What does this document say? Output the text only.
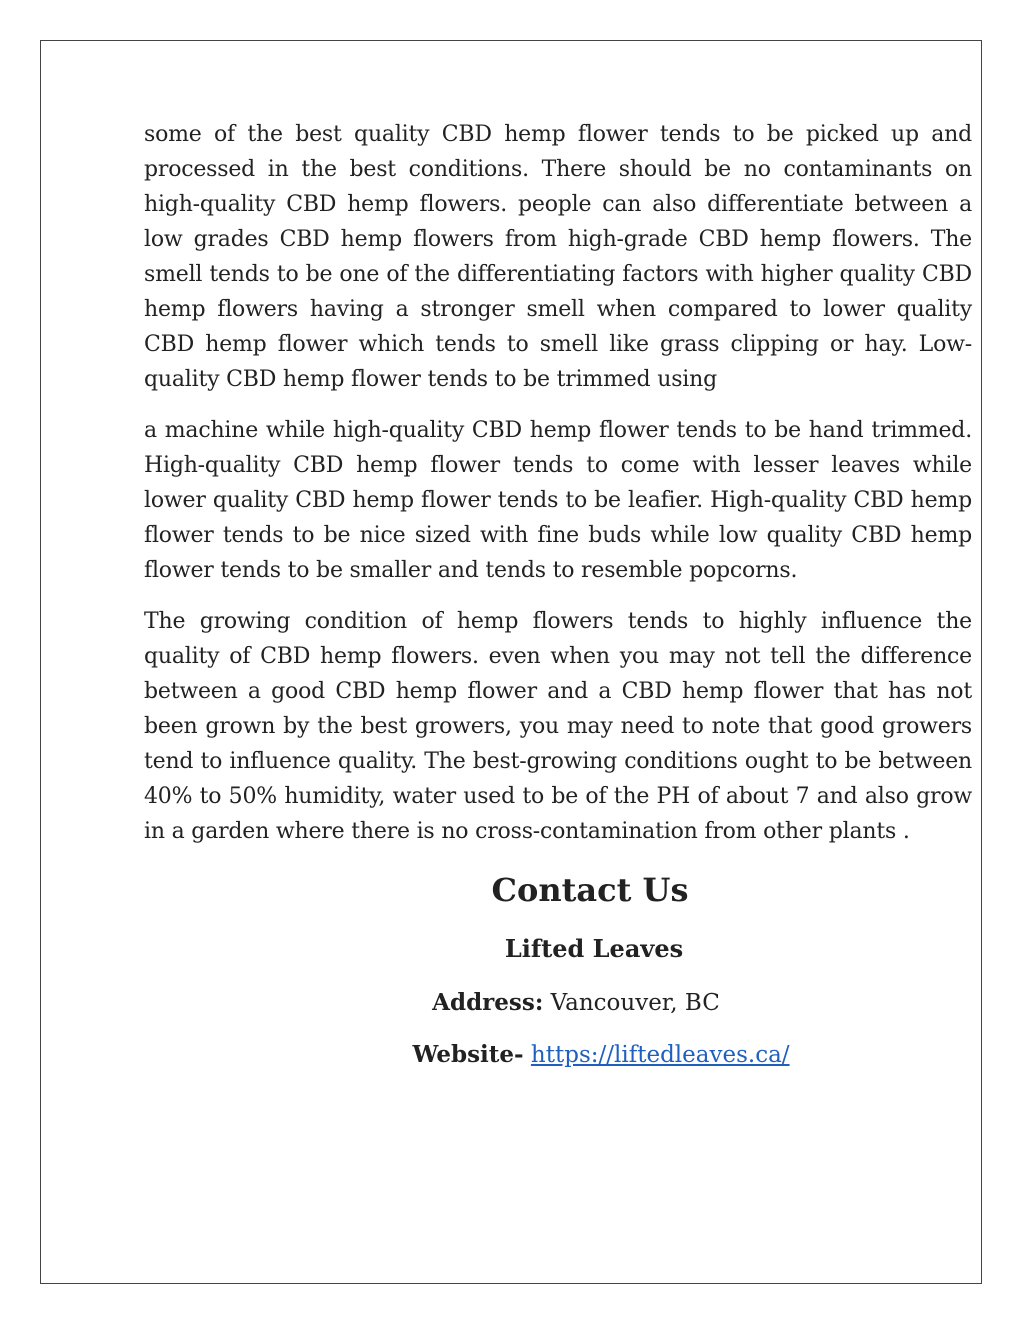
some of the best quality CBD hemp flower tends to be picked up and processed in the best conditions. There should be no contaminants on high-quality CBD hemp flowers. people can also differentiate between a low grades CBD hemp flowers from high-grade CBD hemp flowers. The smell tends to be one of the differentiating factors with higher quality CBD hemp flowers having a stronger smell when compared to lower quality CBD hemp flower which tends to smell like grass clipping or hay. Low-quality CBD hemp flower tends to be trimmed using

a machine while high-quality CBD hemp flower tends to be hand trimmed. High-quality CBD hemp flower tends to come with lesser leaves while lower quality CBD hemp flower tends to be leafier. High-quality CBD hemp flower tends to be nice sized with fine buds while low quality CBD hemp flower tends to be smaller and tends to resemble popcorns.

The growing condition of hemp flowers tends to highly influence the quality of CBD hemp flowers. even when you may not tell the difference between a good CBD hemp flower and a CBD hemp flower that has not been grown by the best growers, you may need to note that good growers tend to influence quality. The best-growing conditions ought to be between 40% to 50% humidity, water used to be of the PH of about 7 and also grow in a garden where there is no cross-contamination from other plants .

Contact Us
Lifted Leaves
Address: Vancouver, BC
Website- https://liftedleaves.ca/
